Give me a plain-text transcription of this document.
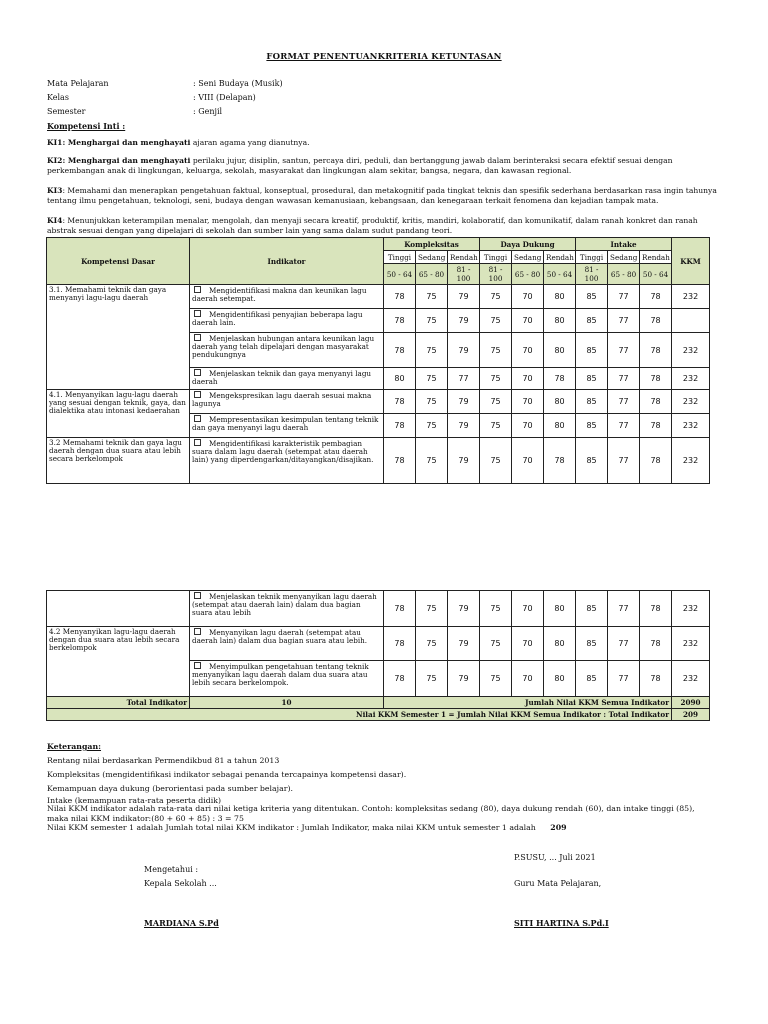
FORMAT PENENTUANKRITERIA KETUNTASAN
Mata Pelajaran	: Seni Budaya (Musik)
Kelas	: VIII (Delapan)
Semester	: Genjil
Kompetensi Inti :
KI1: Menghargai dan menghayati ajaran agama yang dianutnya.
KI2: Menghargai dan menghayati perilaku jujur, disiplin, santun, percaya diri, peduli, dan bertanggung jawab dalam berinteraksi secara efektif sesuai dengan perkembangan anak di lingkungan, keluarga, sekolah, masyarakat dan lingkungan alam sekitar, bangsa, negara, dan kawasan regional.
KI3: Memahami dan menerapkan pengetahuan faktual, konseptual, prosedural, dan metakognitif pada tingkat teknis dan spesifik sederhana berdasarkan rasa ingin tahunya tentang ilmu pengetahuan, teknologi, seni, budaya dengan wawasan kemanusiaan, kebangsaan, dan kenegaraan terkait fenomena dan kejadian tampak mata.
KI4: Menunjukkan keterampilan menalar, mengolah, dan menyaji secara kreatif, produktif, kritis, mandiri, kolaboratif, dan komunikatif, dalam ranah konkret dan ranah abstrak sesuai dengan yang dipelajari di sekolah dan sumber lain yang sama dalam sudut pandang teori.
Kompetensi Dasar	Indikator	Kompleksitas			Daya Dukung			Intake			KKM
		Tinggi	Sedang	Rendah	Tinggi	Sedang	Rendah	Tinggi	Sedang	Rendah	
		50 - 64	65 - 80	81 - 100	81 - 100	65 - 80	50 - 64	81 - 100	65 - 80	50 - 64	
3.1. Memahami teknik dan gaya menyanyi lagu-lagu daerah	Mengidentifikasi makna dan keunikan lagu daerah setempat.	78	75	79	75	70	80	85	77	78	232
	Mengidentifikasi penyajian beberapa lagu daerah lain.	78	75	79	75	70	80	85	77	78	
	Menjelaskan hubungan antara keunikan lagu daerah yang telah dipelajari dengan masyarakat pendukungnya	78	75	79	75	70	80	85	77	78	232
	Menjelaskan teknik dan gaya menyanyi lagu daerah	80	75	77	75	70	78	85	77	78	232
4.1. Menyanyikan lagu-lagu daerah yang sesuai dengan teknik, gaya, dan dialektika atau intonasi kedaerahan	Mengekspresikan lagu daerah sesuai makna lagunya	78	75	79	75	70	80	85	77	78	232
	Mempresentasikan kesimpulan tentang teknik dan gaya menyanyi lagu daerah	78	75	79	75	70	80	85	77	78	232
3.2 Memahami teknik dan gaya lagu daerah dengan dua suara atau lebih secara berkelompok	Mengidentifikasi karakteristik pembagian suara dalam lagu daerah (setempat atau daerah lain) yang diperdengarkan/ditayangkan/disajikan.	78	75	79	75	70	78	85	77	78	232
	Menjelaskan teknik menyanyikan lagu daerah (setempat atau daerah lain) dalam dua bagian suara atau lebih	78	75	79	75	70	80	85	77	78	232
4.2 Menyanyikan lagu-lagu daerah dengan dua suara atau lebih secara berkelompok	Menyanyikan lagu daerah (setempat atau daerah lain) dalam dua bagian suara atau lebih.	78	75	79	75	70	80	85	77	78	232
	Menyimpulkan pengetahuan tentang teknik menyanyikan lagu daerah dalam dua suara atau lebih secara berkelompok.	78	75	79	75	70	80	85	77	78	232
Total Indikator	10	Jumlah Nilai KKM Semua Indikator									2090
Nilai KKM Semester 1 = Jumlah Nilai KKM Semua Indikator : Total Indikator											209
Keterangan:
Rentang nilai berdasarkan Permendikbud 81 a tahun 2013
Kompleksitas (mengidentifikasi indikator sebagai penanda tercapainya kompetensi dasar).
Kemampuan daya dukung (berorientasi pada sumber belajar).
Intake (kemampuan rata-rata peserta didik)
Nilai KKM indikator adalah rata-rata dari nilai ketiga kriteria yang ditentukan. Contoh: kompleksitas sedang (80), daya dukung rendah (60), dan intake tinggi (85), maka nilai KKM indikator:(80 + 60 + 85) : 3 = 75
Nilai KKM semester 1 adalah Jumlah total nilai KKM indikator : Jumlah Indikator, maka nilai KKM untuk semester 1 adalah 209
P.SUSU, ... Juli 2021
Mengetahui :
Kepala Sekolah ...	Guru Mata Pelajaran,
MARDIANA S.Pd	SITI HARTINA S.Pd.I
